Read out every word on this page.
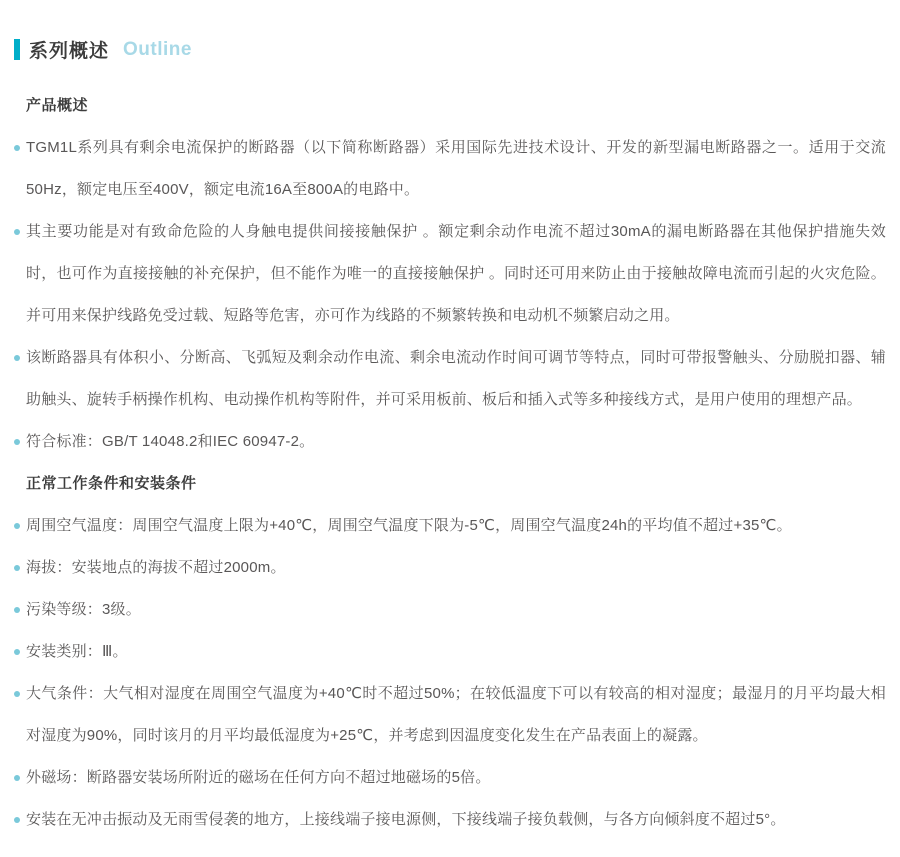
系列概述 Outline
产品概述
TGM1L系列具有剩余电流保护的断路器（以下简称断路器）采用国际先进技术设计、开发的新型漏电断路器之一。适用于交流50Hz，额定电压至400V，额定电流16A至800A的电路中。
其主要功能是对有致命危险的人身触电提供间接接触保护 。额定剩余动作电流不超过30mA的漏电断路器在其他保护措施失效时，也可作为直接接触的补充保护，但不能作为唯一的直接接触保护 。同时还可用来防止由于接触故障电流而引起的火灾危险。并可用来保护线路免受过载、短路等危害，亦可作为线路的不频繁转换和电动机不频繁启动之用。
该断路器具有体积小、分断高、飞弧短及剩余动作电流、剩余电流动作时间可调节等特点，同时可带报警触头、分励脱扣器、辅助触头、旋转手柄操作机构、电动操作机构等附件，并可采用板前、板后和插入式等多种接线方式，是用户使用的理想产品。
符合标准：GB/T 14048.2和IEC 60947-2。
正常工作条件和安装条件
周围空气温度：周围空气温度上限为+40℃，周围空气温度下限为-5℃，周围空气温度24h的平均值不超过+35℃。
海拔：安装地点的海拔不超过2000m。
污染等级：3级。
安装类别：Ⅲ。
大气条件：大气相对湿度在周围空气温度为+40℃时不超过50%；在较低温度下可以有较高的相对湿度；最湿月的月平均最大相对湿度为90%，同时该月的月平均最低湿度为+25℃，并考虑到因温度变化发生在产品表面上的凝露。
外磁场：断路器安装场所附近的磁场在任何方向不超过地磁场的5倍。
安装在无冲击振动及无雨雪侵袭的地方，上接线端子接电源侧，下接线端子接负载侧，与各方向倾斜度不超过5°。
